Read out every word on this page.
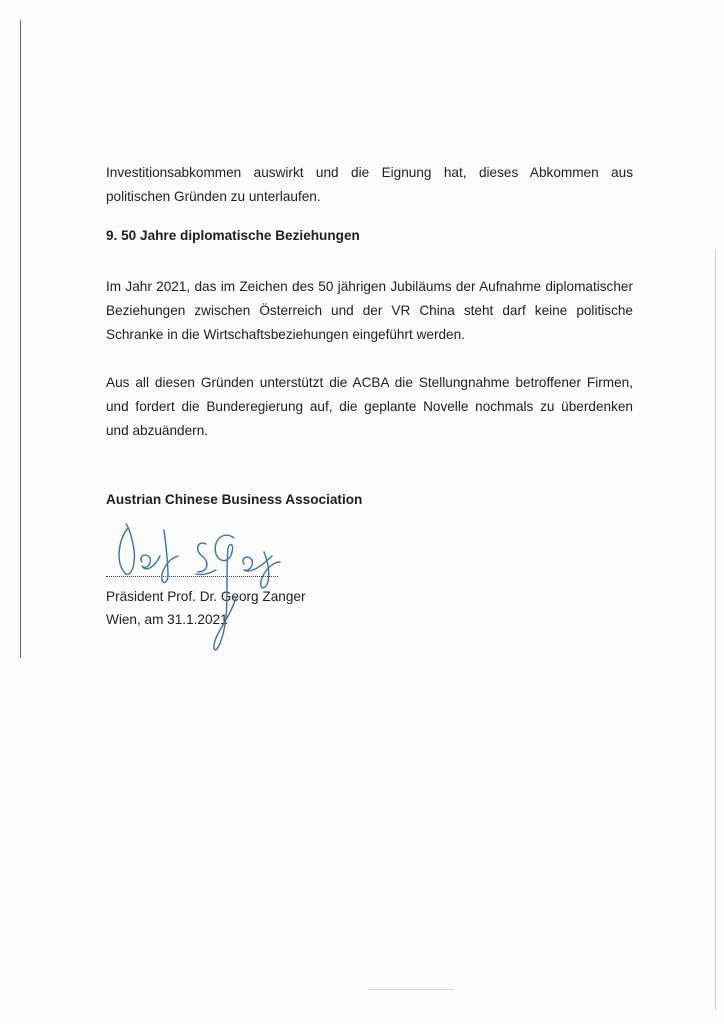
Investitionsabkommen auswirkt und die Eignung hat, dieses Abkommen aus
politischen Gründen zu unterlaufen.

9. 50 Jahre diplomatische Beziehungen

Im Jahr 2021, das im Zeichen des 50 jährigen Jubiläums der Aufnahme diplomatischer
Beziehungen zwischen Österreich und der VR China steht darf keine politische
Schranke in die Wirtschaftsbeziehungen eingeführt werden.

Aus all diesen Gründen unterstützt die ACBA die Stellungnahme betroffener Firmen,
und fordert die Bunderegierung auf, die geplante Novelle nochmals zu überdenken
und abzuändern.

Austrian Chinese Business Association

Präsident Prof. Dr. Georg Zanger

Wien, am 31.1.2021
